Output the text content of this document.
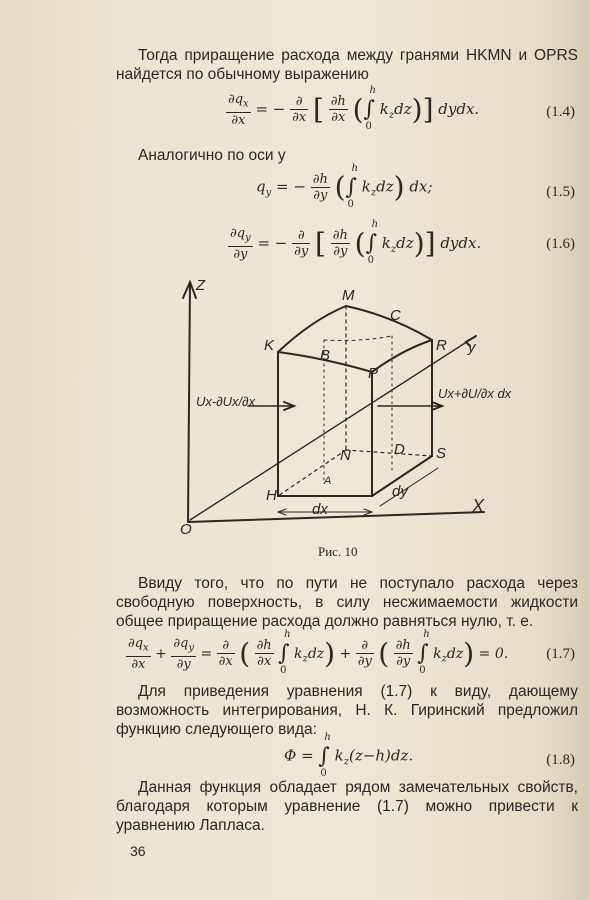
Тогда приращение расхода между гранями HKMN и OPRS найдется по обычному выражению
$\frac{\partial q_x}{\partial x}$ = − $\frac{\partial}{\partial x}$ [ $\frac{\partial h}{\partial x}$ (∫
h
0
$k_zdz$)] dydx.	(1.4)
Аналогично по оси y
$q_y$ = − $\frac{\partial h}{\partial y}$ (∫
h
0
$k_zdz$) dx;	(1.5)
$\frac{\partial q_y}{\partial y}$ = − $\frac{\partial}{\partial y}$ [ $\frac{\partial h}{\partial y}$ (∫
h
0
$k_zdz$)] dydx.	(1.6)
Z
y
X
O
K
M
C
R
B
P
N	D S
H
A
dx
dy
Ux-∂Ux/∂x
Ux+∂U/∂x dx
Рис. 10
Ввиду того, что по пути не поступало расхода через свободную поверхность, в силу несжимаемости жидкости общее приращение расхода должно равняться нулю, т. е.
$\frac{\partial q_x}{\partial x} + \frac{\partial q_y}{\partial y} = \frac{\partial}{\partial x}$ ( $\frac{\partial h}{\partial x}$ ∫
h
0
$k_zdz) + \frac{\partial}{\partial y}$ ( $\frac{\partial h}{\partial y}$ ∫
h
0
$k_zdz) = 0$.	(1.7)
Для приведения уравнения (1.7) к виду, дающему возможность интегрирования, Н. К. Гиринский предложил функцию следующего вида:
Φ = ∫
h
0
$k_z(z-h)dz$.	(1.8)
Данная функция обладает рядом замечательных свойств, благодаря которым уравнение (1.7) можно привести к уравнению Лапласа.
36
